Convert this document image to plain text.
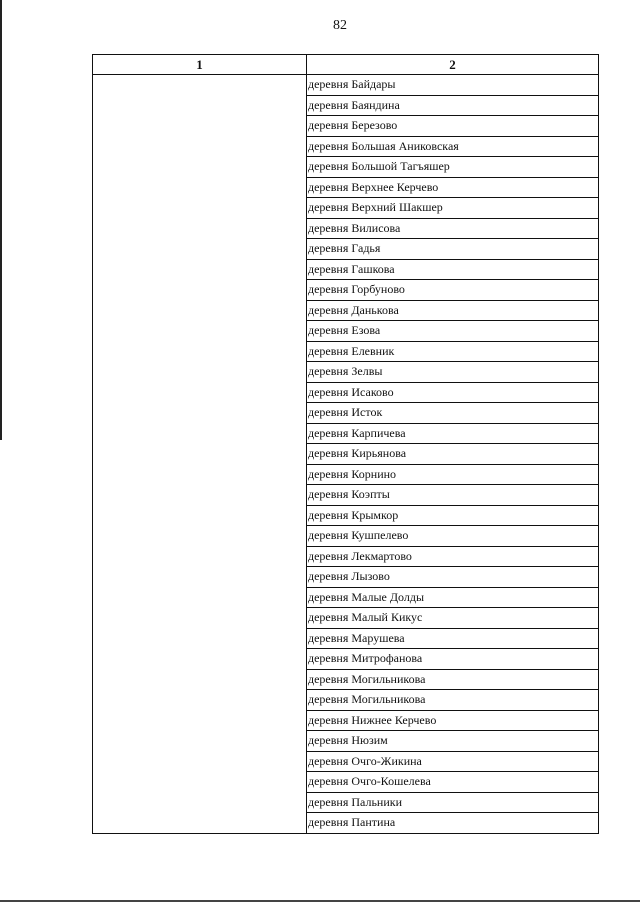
82
1	2
	деревня Байдары
	деревня Баяндина
	деревня Березово
	деревня Большая Аниковская
	деревня Большой Тагъяшер
	деревня Верхнее Керчево
	деревня Верхний Шакшер
	деревня Вилисова
	деревня Гадья
	деревня Гашкова
	деревня Горбуново
	деревня Данькова
	деревня Езова
	деревня Елевник
	деревня Зелвы
	деревня Исаково
	деревня Исток
	деревня Карпичева
	деревня Кирьянова
	деревня Корнино
	деревня Коэпты
	деревня Крымкор
	деревня Кушпелево
	деревня Лекмартово
	деревня Лызово
	деревня Малые Долды
	деревня Малый Кикус
	деревня Марушева
	деревня Митрофанова
	деревня Могильникова
	деревня Могильникова
	деревня Нижнее Керчево
	деревня Нюзим
	деревня Очго-Жикина
	деревня Очго-Кошелева
	деревня Пальники
	деревня Пантина
